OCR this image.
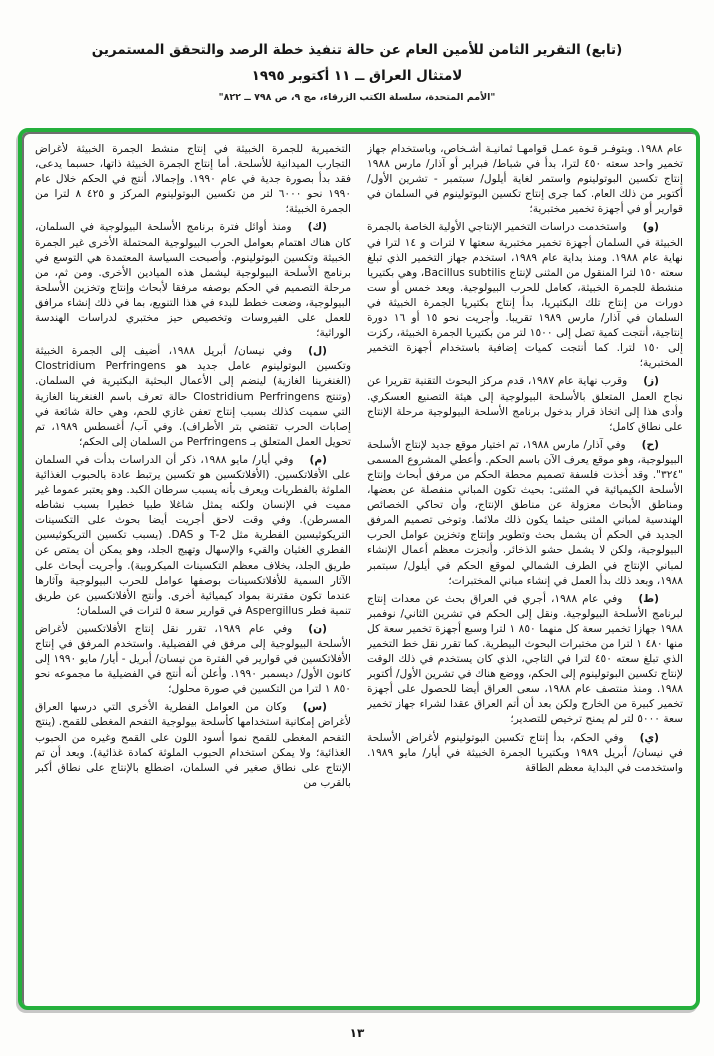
(تابع) التقرير الثامن للأمين العام عن حالة تنفيذ خطة الرصد والتحقق المستمرين
لامتثال العراق ــ ١١ أكتوبر ١٩٩٥
"الأمم المتحدة، سلسلة الكتب الزرقاء، مج ٩، ص ٧٩٨ ــ ٨٢٢"

عام ١٩٨٨. وبتوفـر قـوة عمـل قوامهـا ثمانيـة أشـخاص، وباستخدام جهاز تخمير واحد سعته ٤٥٠ لترا، بدأ في شباط/ فبراير أو آذار/ مارس ١٩٨٨ إنتاج تكسين البوتولينوم واستمر لغاية أيلول/ سبتمبر - تشرين الأول/ أكتوبر من ذلك العام. كما جرى إنتاج تكسين البوتولينوم في السلمان في قوارير أو في أجهزة تخمير مختبرية؛

(و)واستخدمت دراسات التخمير الإنتاجي الأولية الخاصة بالجمرة الخبيثة في السلمان أجهزة تخمير مختبرية سعتها ٧ لترات و ١٤ لترا في نهاية عام ١٩٨٨. ومنذ بداية عام ١٩٨٩، استخدم جهاز التخمير الذي تبلغ سعته ١٥٠ لترا المنقول من المثنى لإنتاج Bacillus subtilis، وهي بكتيريا منشطة للجمرة الخبيثة، كعامل للحرب البيولوجية. وبعد خمس أو ست دورات من إنتاج تلك البكتيريا، بدأ إنتاج بكتيريا الجمرة الخبيثة في السلمان في آذار/ مارس ١٩٨٩ تقريبا. وأجريت نحو ١٥ أو ١٦ دورة إنتاجية، أنتجت كمية تصل إلى ١٥٠٠ لتر من بكتيريا الجمرة الخبيثة، ركزت إلى ١٥٠ لترا. كما أنتجت كميات إضافية باستخدام أجهزة التخمير المختبرية؛

(ز)وقرب نهاية عام ١٩٨٧، قدم مركز البحوث التقنية تقريرا عن نجاح العمل المتعلق بالأسلحة البيولوجية إلى هيئة التصنيع العسكري. وأدى هذا إلى اتخاذ قرار بدخول برنامج الأسلحة البيولوجية مرحلة الإنتاج على نطاق كامل؛

(ح)وفي آذار/ مارس ١٩٨٨، تم اختيار موقع جديد لإنتاج الأسلحة البيولوجية، وهو موقع يعرف الآن باسم الحكم. وأعطي المشروع المسمى "٣٢٤". وقد أخذت فلسفة تصميم محطة الحكم من مرفق أبحاث وإنتاج الأسلحة الكيميائية في المثنى: بحيث تكون المباني منفصلة عن بعضها، ومناطق الأبحاث معزولة عن مناطق الإنتاج، وأن تحاكي الخصائص الهندسية لمباني المثنى حيثما يكون ذلك ملائما. وتوخى تصميم المرفق الجديد في الحكم أن يشمل بحث وتطوير وإنتاج وتخزين عوامل الحرب البيولوجية، ولكن لا يشمل حشو الذخائر. وأنجزت معظم أعمال الإنشاء لمباني الإنتاج في الطرف الشمالي لموقع الحكم في أيلول/ سبتمبر ١٩٨٨، وبعد ذلك بدأ العمل في إنشاء مباني المختبرات؛

(ط)وفي عام ١٩٨٨، أجري في العراق بحث عن معدات إنتاج لبرنامج الأسلحة البيولوجية. ونقل إلى الحكم في تشرين الثاني/ نوفمبر ١٩٨٨ جهازا تخمير سعة كل منهما ٨٥٠ ١ لترا وسبع أجهزة تخمير سعة كل منها ٤٨٠ ١ لترا من مختبرات البحوث البيطرية. كما تقرر نقل خط التخمير الذي تبلغ سعته ٤٥٠ لترا في التاجي، الذي كان يستخدم في ذلك الوقت لإنتاج تكسين البوتولينوم إلى الحكم، ووضع هناك في تشرين الأول/ أكتوبر ١٩٨٨. ومنذ منتصف عام ١٩٨٨، سعى العراق أيضا للحصول على أجهزة تخمير كبيرة من الخارج ولكن بعد أن أتم العراق عقدا لشراء جهاز تخمير سعة ٥٠٠٠ لتر لم يمنح ترخيص للتصدير؛

(ي)وفي الحكم، بدأ إنتاج تكسين البوتولينوم لأغراض الأسلحة في نيسان/ أبريل ١٩٨٩ وبكتيريا الجمرة الخبيثة في أيار/ مايو ١٩٨٩. واستخدمت في البداية معظم الطاقة

التخميرية للجمرة الخبيثة في إنتاج منشط الجمرة الخبيثة لأغراض التجارب الميدانية للأسلحة. أما إنتاج الجمرة الخبيثة ذاتها، حسبما يدعى، فقد بدأ بصورة جدية في عام ١٩٩٠. وإجمالا، أنتج في الحكم خلال عام ١٩٩٠ نحو ٦٠٠٠ لتر من تكسين البوتولينوم المركز و ٤٢٥ ٨ لترا من الجمرة الخبيثة؛

(ك)ومنذ أوائل فترة برنامج الأسلحة البيولوجية في السلمان، كان هناك اهتمام بعوامل الحرب البيولوجية المحتملة الأخرى غير الجمرة الخبيثة وتكسين البوتولينوم. وأصبحت السياسة المعتمدة هي التوسع في برنامج الأسلحة البيولوجية ليشمل هذه الميادين الأخرى. ومن ثم، من مرحلة التصميم في الحكم بوصفه مرفقا لأبحاث وإنتاج وتخزين الأسلحة البيولوجية، وضعت خطط للبدء في هذا التنويع، بما في ذلك إنشاء مرافق للعمل على الفيروسات وتخصيص حيز مختبري لدراسات الهندسة الوراثية؛

(ل)وفي نيسان/ أبريل ١٩٨٨، أضيف إلى الجمرة الخبيثة وتكسين البوتولينوم عامل جديد هو Clostridium Perfringens (الغنغرينا الغازية) لينضم إلى الأعمال البحثية البكتيرية في السلمان. (وتنتج Clostridium Perfringens حالة تعرف باسم الغنغرينا الغازية التي سميت كذلك بسبب إنتاج تعفن غازي للحم، وهي حالة شائعة في إصابات الحرب تقتضي بتر الأطراف). وفي آب/ أغسطس ١٩٨٩، تم تحويل العمل المتعلق بـ Perfringens من السلمان إلى الحكم؛

(م)وفي أيار/ مايو ١٩٨٨، ذكر أن الدراسات بدأت في السلمان على الأفلاتكسين. (الأفلاتكسين هو تكسين يرتبط عادة بالحبوب الغذائية الملوثة بالفطريات ويعرف بأنه يسبب سرطان الكبد. وهو يعتبر عموما غير مميت في الإنسان ولكنه يمثل شاغلا طبيا خطيرا بسبب نشاطه المسرطن). وفي وقت لاحق أجريت أيضا بحوث على التكسينات التريكوثيسين الفطرية مثل T-2 و DAS. (يسبب تكسين التريكوثيسين الفطري الغثيان والقيء والإسهال وتهيج الجلد، وهو يمكن أن يمتص عن طريق الجلد، بخلاف معظم التكسينات الميكروبية). وأجريت أبحاث على الآثار السمية للأفلاتكسينات بوصفها عوامل للحرب البيولوجية وآثارها عندما تكون مقترنة بمواد كيميائية أخرى. وأنتج الأفلاتكسين عن طريق تنمية فطر Aspergillus في قوارير سعة ٥ لترات في السلمان؛

(ن)وفي عام ١٩٨٩، تقرر نقل إنتاج الأفلاتكسين لأغراض الأسلحة البيولوجية إلى مرفق في الفضيلية. واستخدم المرفق في إنتاج الأفلاتكسين في قوارير في الفترة من نيسان/ أبريل - أيار/ مايو ١٩٩٠ إلى كانون الأول/ ديسمبر ١٩٩٠. وأعلن أنه أنتج في الفضيلية ما مجموعه نحو ٨٥٠ ١ لترا من التكسين في صورة محلول؛

(س)وكان من العوامل الفطرية الأخرى التي درسها العراق لأغراض إمكانية استخدامها كأسلحة بيولوجية التفحم المغطى للقمح. (ينتج التفحم المغطى للقمح نموا أسود اللون على القمح وغيره من الحبوب الغذائية؛ ولا يمكن استخدام الحبوب الملوثة كمادة غذائية). وبعد أن تم الإنتاج على نطاق صغير في السلمان، اضطلع بالإنتاج على نطاق أكبر بالقرب من

١٣
